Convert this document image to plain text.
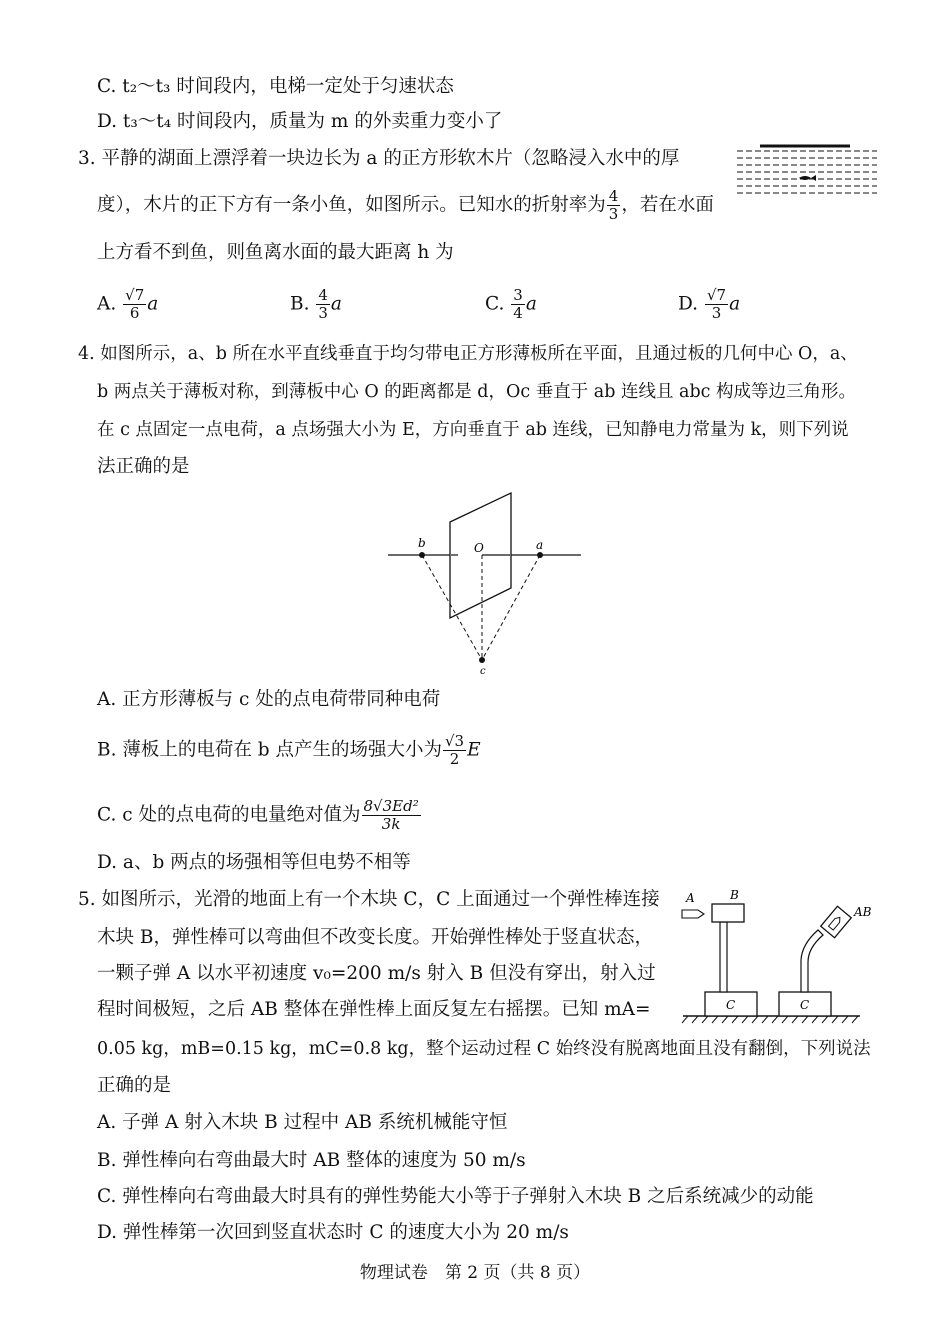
C. t₂～t₃ 时间段内，电梯一定处于匀速状态
D. t₃～t₄ 时间段内，质量为 m 的外卖重力变小了
3. 平静的湖面上漂浮着一块边长为 a 的正方形软木片（忽略浸入水中的厚
度），木片的正下方有一条小鱼，如图所示。已知水的折射率为 $\frac{4}{3}$ ，若在水面
上方看不到鱼，则鱼离水面的最大距离 h 为
A. $\frac{√7}{6}$ a	B. $\frac{4}{3}$ a	C. $\frac{3}{4}$ a	D. $\frac{√7}{3}$ a
4. 如图所示，a、b 所在水平直线垂直于均匀带电正方形薄板所在平面，且通过板的几何中心 O，a、
b 两点关于薄板对称，到薄板中心 O 的距离都是 d，Oc 垂直于 ab 连线且 abc 构成等边三角形。
在 c 点固定一点电荷，a 点场强大小为 E，方向垂直于 ab 连线，已知静电力常量为 k，则下列说
法正确的是
b	O	a
c
A. 正方形薄板与 c 处的点电荷带同种电荷
B. 薄板上的电荷在 b 点产生的场强大小为 $\frac{√3}{2}$ E
C. c 处的点电荷的电量绝对值为 $\frac{\text{8√3Ed²}}{3k}$
D. a、b 两点的场强相等但电势不相等
5. 如图所示，光滑的地面上有一个木块 C，C 上面通过一个弹性棒连接
木块 B，弹性棒可以弯曲但不改变长度。开始弹性棒处于竖直状态，
一颗子弹 A 以水平初速度 v₀=200 m/s 射入 B 但没有穿出，射入过
程时间极短，之后 AB 整体在弹性棒上面反复左右摇摆。已知 mA=
0.05 kg，mB=0.15 kg，mC=0.8 kg，整个运动过程 C 始终没有脱离地面且没有翻倒，下列说法
正确的是
A	B
C
AB
C
A. 子弹 A 射入木块 B 过程中 AB 系统机械能守恒
B. 弹性棒向右弯曲最大时 AB 整体的速度为 50 m/s
C. 弹性棒向右弯曲最大时具有的弹性势能大小等于子弹射入木块 B 之后系统减少的动能
D. 弹性棒第一次回到竖直状态时 C 的速度大小为 20 m/s
物理试卷　第 2 页（共 8 页）
